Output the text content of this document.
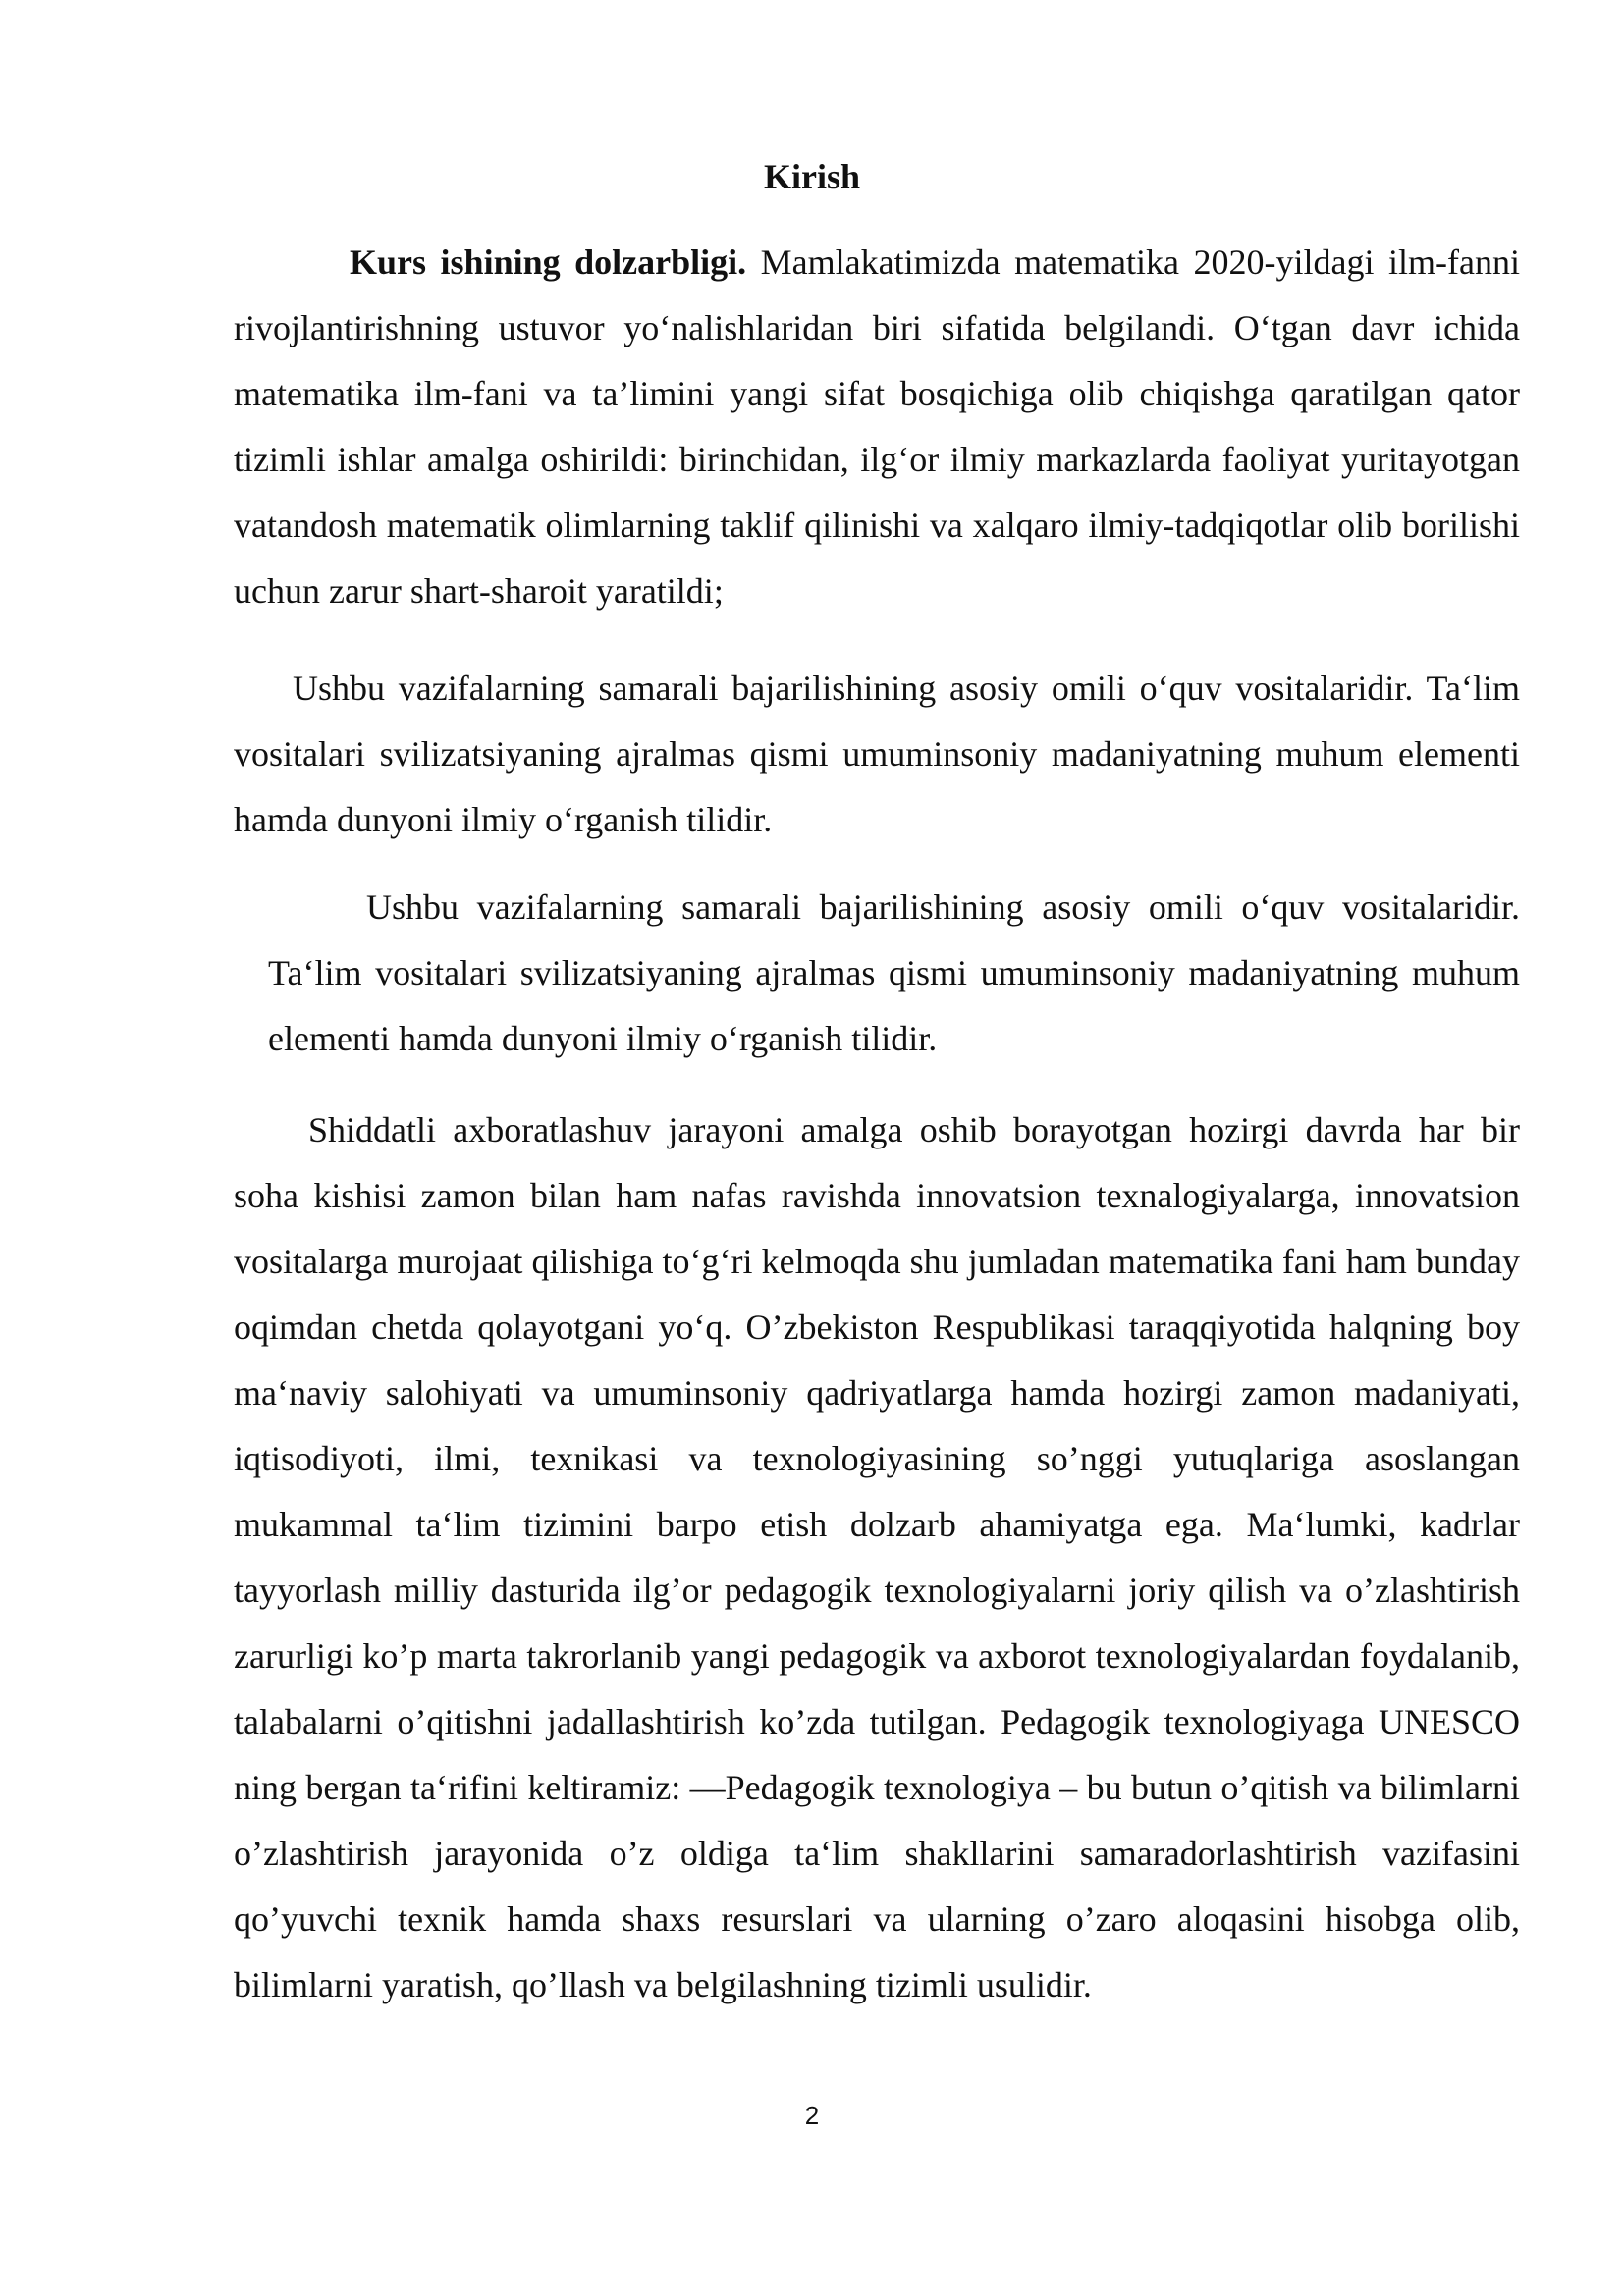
Kirish

Kurs ishining dolzarbligi. Mamlakatimizda matematika 2020-yildagi ilm-fanni rivojlantirishning ustuvor yo‘nalishlaridan biri sifatida belgilandi. O‘tgan davr ichida matematika ilm-fani va ta’limini yangi sifat bosqichiga olib chiqishga qaratilgan qator tizimli ishlar amalga oshirildi: birinchidan, ilg‘or ilmiy markazlarda faoliyat yuritayotgan vatandosh matematik olimlarning taklif qilinishi va xalqaro ilmiy-tadqiqotlar olib borilishi uchun zarur shart-sharoit yaratildi;

Ushbu vazifalarning samarali bajarilishining asosiy omili o‘quv vositalaridir. Ta‘lim vositalari svilizatsiyaning ajralmas qismi umuminsoniy madaniyatning muhum elementi hamda dunyoni ilmiy o‘rganish tilidir.

Ushbu vazifalarning samarali bajarilishining asosiy omili o‘quv vositalaridir. Ta‘lim vositalari svilizatsiyaning ajralmas qismi umuminsoniy madaniyatning muhum elementi hamda dunyoni ilmiy o‘rganish tilidir.

Shiddatli axboratlashuv jarayoni amalga oshib borayotgan hozirgi davrda har bir soha kishisi zamon bilan ham nafas ravishda innovatsion texnalogiyalarga, innovatsion vositalarga murojaat qilishiga to‘g‘ri kelmoqda shu jumladan matematika fani ham bunday oqimdan chetda qolayotgani yo‘q. O’zbekiston Respublikasi taraqqiyotida halqning boy ma‘naviy salohiyati va umuminsoniy qadriyatlarga hamda hozirgi zamon madaniyati, iqtisodiyoti, ilmi, texnikasi va texnologiyasining so’nggi yutuqlariga asoslangan mukammal ta‘lim tizimini barpo etish dolzarb ahamiyatga ega. Ma‘lumki, kadrlar tayyorlash milliy dasturida ilg’or pedagogik texnologiyalarni joriy qilish va o’zlashtirish zarurligi ko’p marta takrorlanib yangi pedagogik va axborot texnologiyalardan foydalanib, talabalarni o’qitishni jadallashtirish ko’zda tutilgan. Pedagogik texnologiyaga UNESCO ning bergan ta‘rifini keltiramiz: ―Pedagogik texnologiya – bu butun o’qitish va bilimlarni o’zlashtirish jarayonida o’z oldiga ta‘lim shakllarini samaradorlashtirish vazifasini qo’yuvchi texnik hamda shaxs resurslari va ularning o’zaro aloqasini hisobga olib, bilimlarni yaratish, qo’llash va belgilashning tizimli usulidir.

2
